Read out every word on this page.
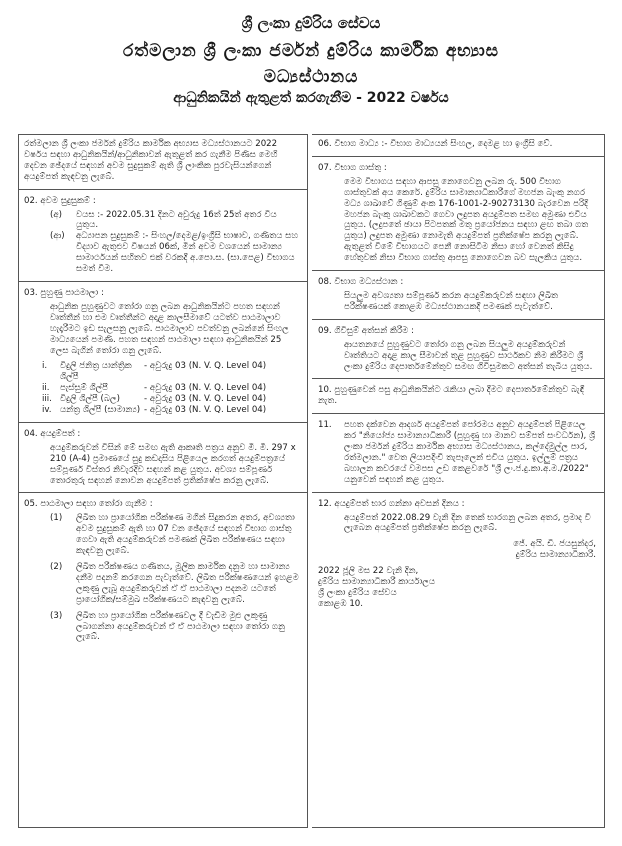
ශ්‍රී ලංකා දුම්රිය සේවය
රත්මලාන ශ්‍රී ලංකා ජර්මන් දුම්රිය කාර්මික අභ්‍යාස
මධ්‍යස්ථානය
ආධුනිකයින් ඇතුළත් කරගැනීම - 2022 වර්ෂය

රත්මලාන ශ්‍රී ලංකා ජර්මන් දුම්රිය කාර්මික අභ්‍යාස මධ්‍යස්ථානයට 2022 වර්ෂය සඳහා ආධුනිකයින්/ආධුනිකාවන් ඇතුළත් කර ගැනීම පිණිස මෙහි දෙවන ඡේදයේ සඳහන් අවම සුදුසුකම් ඇති ශ්‍රී ලාංකික පුරවැසියන්ගෙන් අයදුම්පත් කැඳවනු ලැබේ.

02. අවම සුදුසුකම් :

(අ)	වයස :- 2022.05.31 දිනට අවුරුදු 16ත් 25ත් අතර විය යුතුය.
(ආ)	අධ්‍යාපන සුදුසුකම් :- සිංහල/දෙමළ/ඉංග්‍රීසි භාෂාව, ගණිතය සහ විද්‍යාව ඇතුළුව විෂයන් 06ක්, මින් අවම වශයෙන් සාමාන්‍ය සාමාර්ථයන් සහිතව එක් වරකදී අ.පො.ස. (සා.පෙළ) විභාගය සමත් වීම.

03. පුහුණු පාඨමාලා :

ආධුනික පුහුණුවට තෝරා ගනු ලබන ආධුනිකයින්ට පහත සඳහන් වෘත්තීන් හා එම වෘත්තීන්ට අදාළ කාලසීමාවේ යටත්ව පාඨමාලාව හැදෑරීමට ඉඩ සැලසනු ලැබේ. පාඨමාලාව පවත්වනු ලබන්නේ සිංහල මාධ්‍යයෙන් පමණි. පහත සඳහන් පාඨමාලා සඳහා ආධුනිකයින් 25 ලෙස බැගින් තෝරා ගනු ලැබේ.

i.	විදුලි ජනිත්‍ර යාන්ත්‍රික ශිල්පී
- අවුරුදු 03 (N. V. Q. Level 04)
ii.	පැස්සුම් ශිල්පී	- අවුරුදු 03 (N. V. Q. Level 04)
iii. විදුලි ශිල්පී (බල)	- අවුරුදු 03 (N. V. Q. Level 04)
iv. යන්ත්‍ර ශිල්පී (සාමාන්‍ය) - අවුරුදු 03 (N. V. Q. Level 04)

04. අයදුම්පත් :

අයදුම්කරුවන් විසින් මේ සමඟ ඇති ආකෘති පත්‍රය අනුව මි. මී. 297 x 210 (A-4) ප්‍රමාණයේ සුදු කඩදාසිය පිළියෙල කරගත් අයදුම්පත්‍රයේ සම්පූර්ණ විස්තර නිවැරදිව සඳහන් කළ යුතුය. අවශ්‍ය සම්පූර්ණ තොරතුරු සඳහන් නොවන අයදුම්පත් ප්‍රතික්ෂේප කරනු ලැබේ.

05. පාඨමාලා සඳහා තෝරා ගැනීම :

(1)	ලිඛිත හා ප්‍රායෝගික පරීක්ෂණ මගින් සිදුකරන අතර, අවශ්‍යතා අවම සුදුසුකම් ඇති හා 07 වන ඡේදයේ සඳහන් විභාග ගාස්තු ගෙවා ඇති අයදුම්කරුවන් පමණක් ලිඛිත පරීක්ෂණය සඳහා කැඳවනු ලැබේ.
(2)	ලිඛිත පරීක්ෂණය ගණිතය, මූලික කාර්මික දනුම හා සාමාන්‍ය දනීම පදනම් කරගෙන පැවැත්වේ. ලිඛිත පරීක්ෂණයෙන් ඉහළම ලකුණු ලැබූ අයදුම්කරුවන් ඒ ඒ පාඨමාලා පදනම යටතේ ප්‍රායෝගික/සම්මුඛ පරීක්ෂණයට කැඳවනු ලැබේ.
(3)	ලිඛිත හා ප්‍රායෝගික පරීක්ෂණවල දී වැඩිම මුළු ලකුණු ලබාගන්නා අයදුම්කරුවන් ඒ ඒ පාඨමාලා සඳහා තෝරා ගනු ලැබේ.

06. විභාග මාධ්‍ය :- විභාග මාධ්‍යයන් සිංහල, දෙමළ හා ඉංග්‍රීසි වේ.

07. විභාග ගාස්තු :

මෙම විභාගය සඳහා ආපසු නොගෙවනු ලබන රු. 500 විභාග ගාස්තුවක් අය කෙරේ. දුම්රිය සාමාන්‍යාධිකාරීගේ මහජන බැංකු නගර මධ්‍ය ශාඛාවේ ගිණුම් අංක 176-1001-2-90273130 බැරවෙන පරිදි මහජන බැංකු ශාඛාවකට ගෙවා ලදුපත අයදුම්පත සමඟ අමුණා එවිය යුතුය. (ලදුපතේ ඡායා පිටපතක් මතු ප්‍රයෝජනය සඳහා ළඟ තබා ගත යුතුය) ලදුපත අමුණා නොමැති අයදුම්පත් ප්‍රතික්ෂේප කරනු ලැබේ. ඇතුළත් වීමේ විභාගයට පෙනී නොසිටීම නිසා හෝ වෙනත් කිසිදු හේතුවක් නිසා විභාග ගාස්තු ආපසු නොගෙවන බව සැලකිය යුතුය.

08. විභාග මධ්‍යස්ථාන :

සියලුම අවශ්‍යතා සම්පූර්ණ කරන අයදුම්කරුවන් සඳහා ලිඛිත පරීක්ෂණයක් කොළඹ මධ්‍යස්ථානයකදී පමණක් පැවැත්වේ.

09. ගිවිසුම් අත්සන් කිරීම :

ආයතනයේ පුහුණුවට තෝරා ගනු ලබන සියලුම අයදුම්කරුවන් වෘත්තියට අදාළ කාල සීමාවන් තුළ පුහුණුව සාර්ථකව නිම කිරීමට ශ්‍රී ලංකා දුම්රිය දෙපාර්තමේන්තුව සමඟ ගිවිසුමකට අත්සන් තැබිය යුතුය.

10. පුහුණුවෙන් පසු ආධුනිකයින්ට රැකියා ලබා දීමට දෙපාර්තමේන්තුව බැඳී නැත.

11.	පහත දක්වෙන ආදර්ශ අයදුම්පත් පෝරමය අනුව අයදුම්පත් පිළියෙල කර "නියෝජ්‍ය සාමාන්‍යාධිකාරී (පුහුණු හා මානව සම්පත් සංවර්ධන), ශ්‍රී ලංකා ජර්මන් දුම්රිය කාර්මික අභ්‍යාස මධ්‍යස්ථානය, කල්දේමුල්ල පාර, රත්මලාන." වෙත ලියාපදිංචි තැපෑලෙන් එවිය යුතුය. ඉල්ලුම් පත්‍රය බහාලන කවරයේ වමපස උඩ කෙළවරේ "ශ්‍රී ලං.ජ.දු.කා.අ.ම./2022" යනුවෙන් සඳහන් කළ යුතුය.

12. අයදුම්පත් භාර ගන්නා අවසන් දිනය :

අයදුම්පත් 2022.08.29 වැනි දින තෙක් භාරගනු ලබන අතර, ප්‍රමාද වී ලැබෙන අයදුම්පත් ප්‍රතික්ෂේප කරනු ලැබේ.

ජේ. අයි. ඩී. ජයසුන්දර,

දුම්රිය සාමාන්‍යාධිකාරී.

2022 ජූලි මස 22 වැනි දින,

දුම්රිය සාමාන්‍යාධිකාරී කාර්යාලය

ශ්‍රී ලංකා දුම්රිය සේවය

කොළඹ 10.
